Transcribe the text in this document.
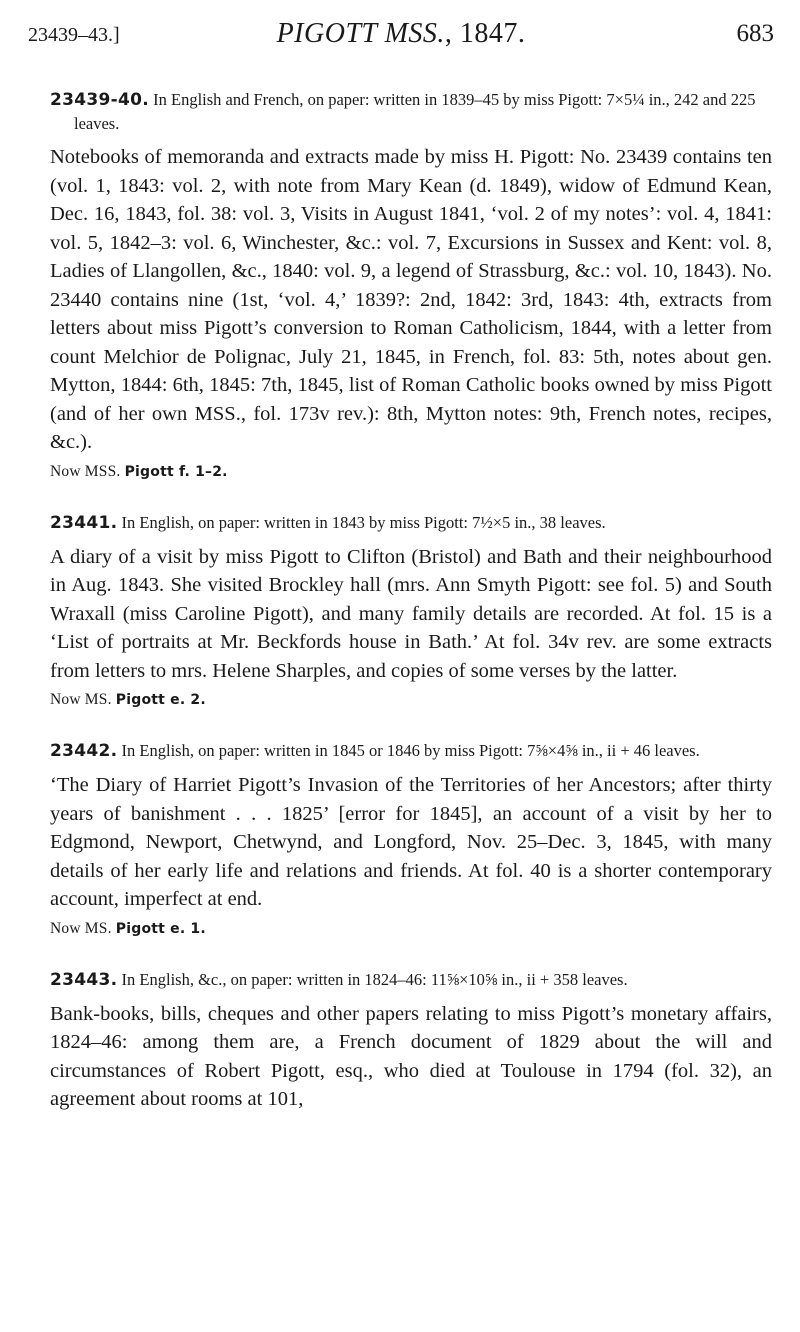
23439–43.]	PIGOTT MSS., 1847.	683
23439-40. In English and French, on paper: written in 1839–45 by miss Pigott: 7×5¼ in., 242 and 225 leaves.

Notebooks of memoranda and extracts made by miss H. Pigott: No. 23439 contains ten (vol. 1, 1843: vol. 2, with note from Mary Kean (d. 1849), widow of Edmund Kean, Dec. 16, 1843, fol. 38: vol. 3, Visits in August 1841, ‘vol. 2 of my notes’: vol. 4, 1841: vol. 5, 1842–3: vol. 6, Winchester, &c.: vol. 7, Excursions in Sussex and Kent: vol. 8, Ladies of Llangollen, &c., 1840: vol. 9, a legend of Strassburg, &c.: vol. 10, 1843). No. 23440 contains nine (1st, ‘vol. 4,’ 1839?: 2nd, 1842: 3rd, 1843: 4th, extracts from letters about miss Pigott’s conversion to Roman Catholicism, 1844, with a letter from count Melchior de Polignac, July 21, 1845, in French, fol. 83: 5th, notes about gen. Mytton, 1844: 6th, 1845: 7th, 1845, list of Roman Catholic books owned by miss Pigott (and of her own MSS., fol. 173v rev.): 8th, Mytton notes: 9th, French notes, recipes, &c.).

Now MSS. Pigott f. 1–2.
23441. In English, on paper: written in 1843 by miss Pigott: 7½×5 in., 38 leaves.

A diary of a visit by miss Pigott to Clifton (Bristol) and Bath and their neighbourhood in Aug. 1843. She visited Brockley hall (mrs. Ann Smyth Pigott: see fol. 5) and South Wraxall (miss Caroline Pigott), and many family details are recorded. At fol. 15 is a ‘List of portraits at Mr. Beckfords house in Bath.’ At fol. 34v rev. are some extracts from letters to mrs. Helene Sharples, and copies of some verses by the latter.

Now MS. Pigott e. 2.
23442. In English, on paper: written in 1845 or 1846 by miss Pigott: 7⅝×4⅝ in., ii + 46 leaves.

‘The Diary of Harriet Pigott’s Invasion of the Territories of her Ancestors; after thirty years of banishment . . . 1825’ [error for 1845], an account of a visit by her to Edgmond, Newport, Chetwynd, and Longford, Nov. 25–Dec. 3, 1845, with many details of her early life and relations and friends. At fol. 40 is a shorter contemporary account, imperfect at end.

Now MS. Pigott e. 1.
23443. In English, &c., on paper: written in 1824–46: 11⅝×10⅝ in., ii + 358 leaves.

Bank-books, bills, cheques and other papers relating to miss Pigott’s monetary affairs, 1824–46: among them are, a French document of 1829 about the will and circumstances of Robert Pigott, esq., who died at Toulouse in 1794 (fol. 32), an agreement about rooms at 101,
